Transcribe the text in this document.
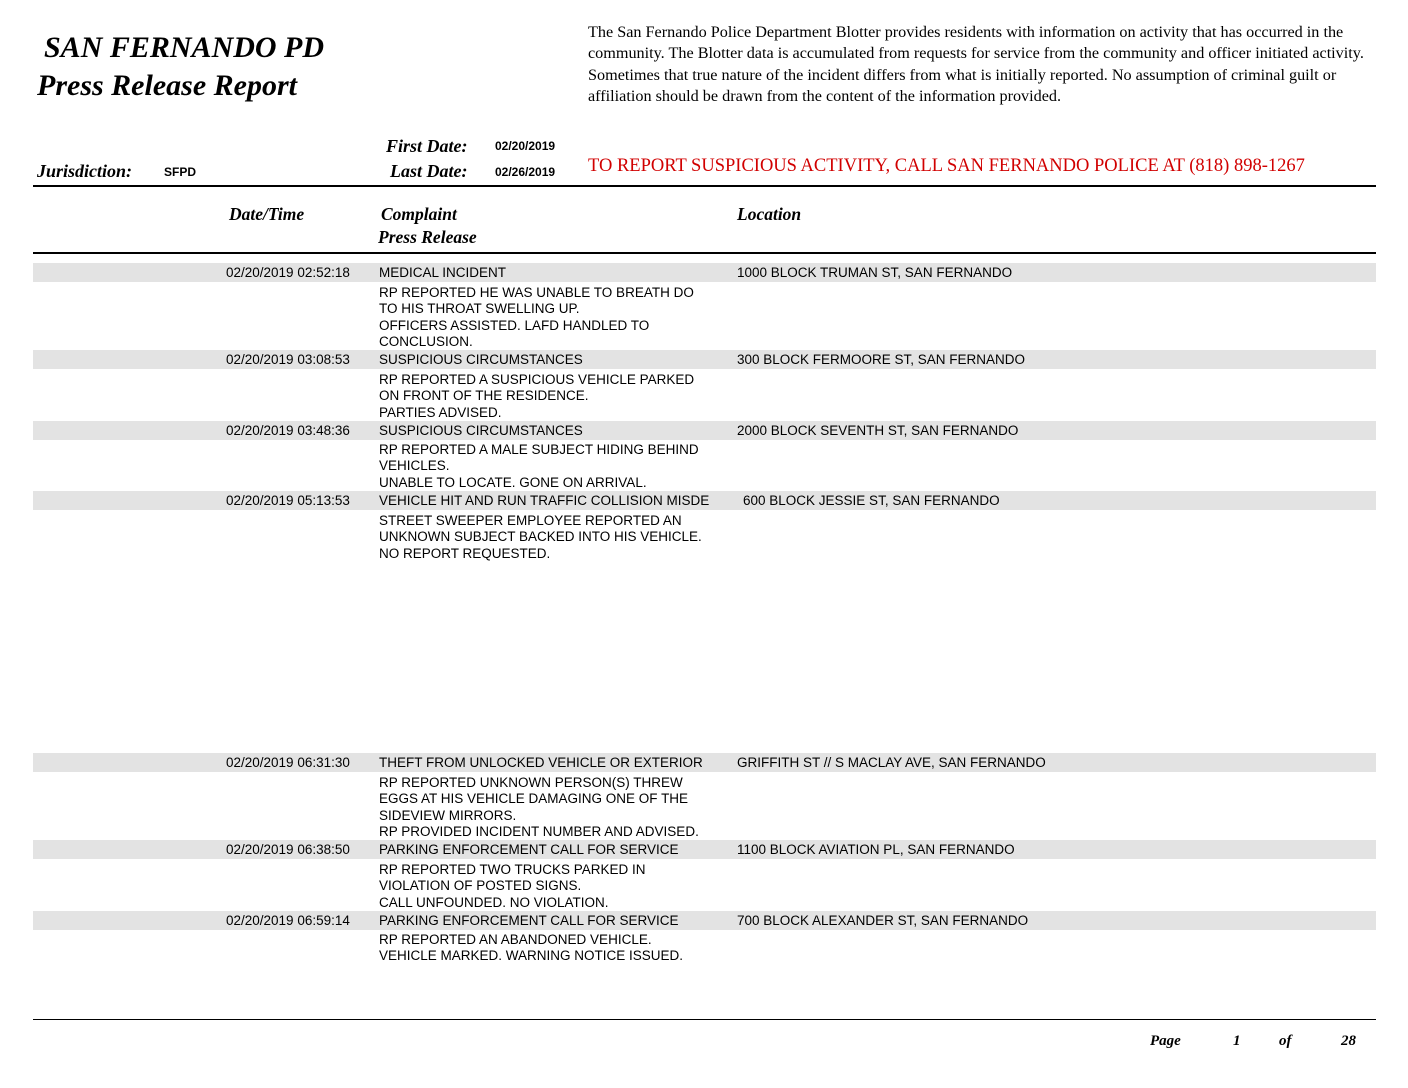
SAN FERNANDO PD
Press Release Report
The San Fernando Police Department Blotter provides residents with information on activity that has occurred in the community. The Blotter data is accumulated from requests for service from the community and officer initiated activity. Sometimes that true nature of the incident differs from what is initially reported. No assumption of criminal guilt or affiliation should be drawn from the content of the information provided.
First Date: 02/20/2019
Jurisdiction:	SFPD	Last Date: 02/26/2019 TO REPORT SUSPICIOUS ACTIVITY, CALL SAN FERNANDO POLICE AT (818) 898-1267
Date/Time	Complaint
Press Release
Location
02/20/2019 02:52:18 MEDICAL INCIDENT	1000 BLOCK TRUMAN ST, SAN FERNANDO
RP REPORTED HE WAS UNABLE TO BREATH DO
TO HIS THROAT SWELLING UP.
OFFICERS ASSISTED. LAFD HANDLED TO
CONCLUSION.
02/20/2019 03:08:53 SUSPICIOUS CIRCUMSTANCES	300 BLOCK FERMOORE ST, SAN FERNANDO
RP REPORTED A SUSPICIOUS VEHICLE PARKED
ON FRONT OF THE RESIDENCE.
PARTIES ADVISED.
02/20/2019 03:48:36 SUSPICIOUS CIRCUMSTANCES	2000 BLOCK SEVENTH ST, SAN FERNANDO
RP REPORTED A MALE SUBJECT HIDING BEHIND
VEHICLES.
UNABLE TO LOCATE. GONE ON ARRIVAL.
02/20/2019 05:13:53 VEHICLE HIT AND RUN TRAFFIC COLLISION MISDE 600 BLOCK JESSIE ST, SAN FERNANDO
STREET SWEEPER EMPLOYEE REPORTED AN
UNKNOWN SUBJECT BACKED INTO HIS VEHICLE.
NO REPORT REQUESTED.
02/20/2019 06:31:30 THEFT FROM UNLOCKED VEHICLE OR EXTERIOR	GRIFFITH ST // S MACLAY AVE, SAN FERNANDO
RP REPORTED UNKNOWN PERSON(S) THREW
EGGS AT HIS VEHICLE DAMAGING ONE OF THE
SIDEVIEW MIRRORS.
RP PROVIDED INCIDENT NUMBER AND ADVISED.
02/20/2019 06:38:50 PARKING ENFORCEMENT CALL FOR SERVICE	1100 BLOCK AVIATION PL, SAN FERNANDO
RP REPORTED TWO TRUCKS PARKED IN
VIOLATION OF POSTED SIGNS.
CALL UNFOUNDED. NO VIOLATION.
02/20/2019 06:59:14 PARKING ENFORCEMENT CALL FOR SERVICE	700 BLOCK ALEXANDER ST, SAN FERNANDO
RP REPORTED AN ABANDONED VEHICLE.
VEHICLE MARKED. WARNING NOTICE ISSUED.
Page	1	of	28
